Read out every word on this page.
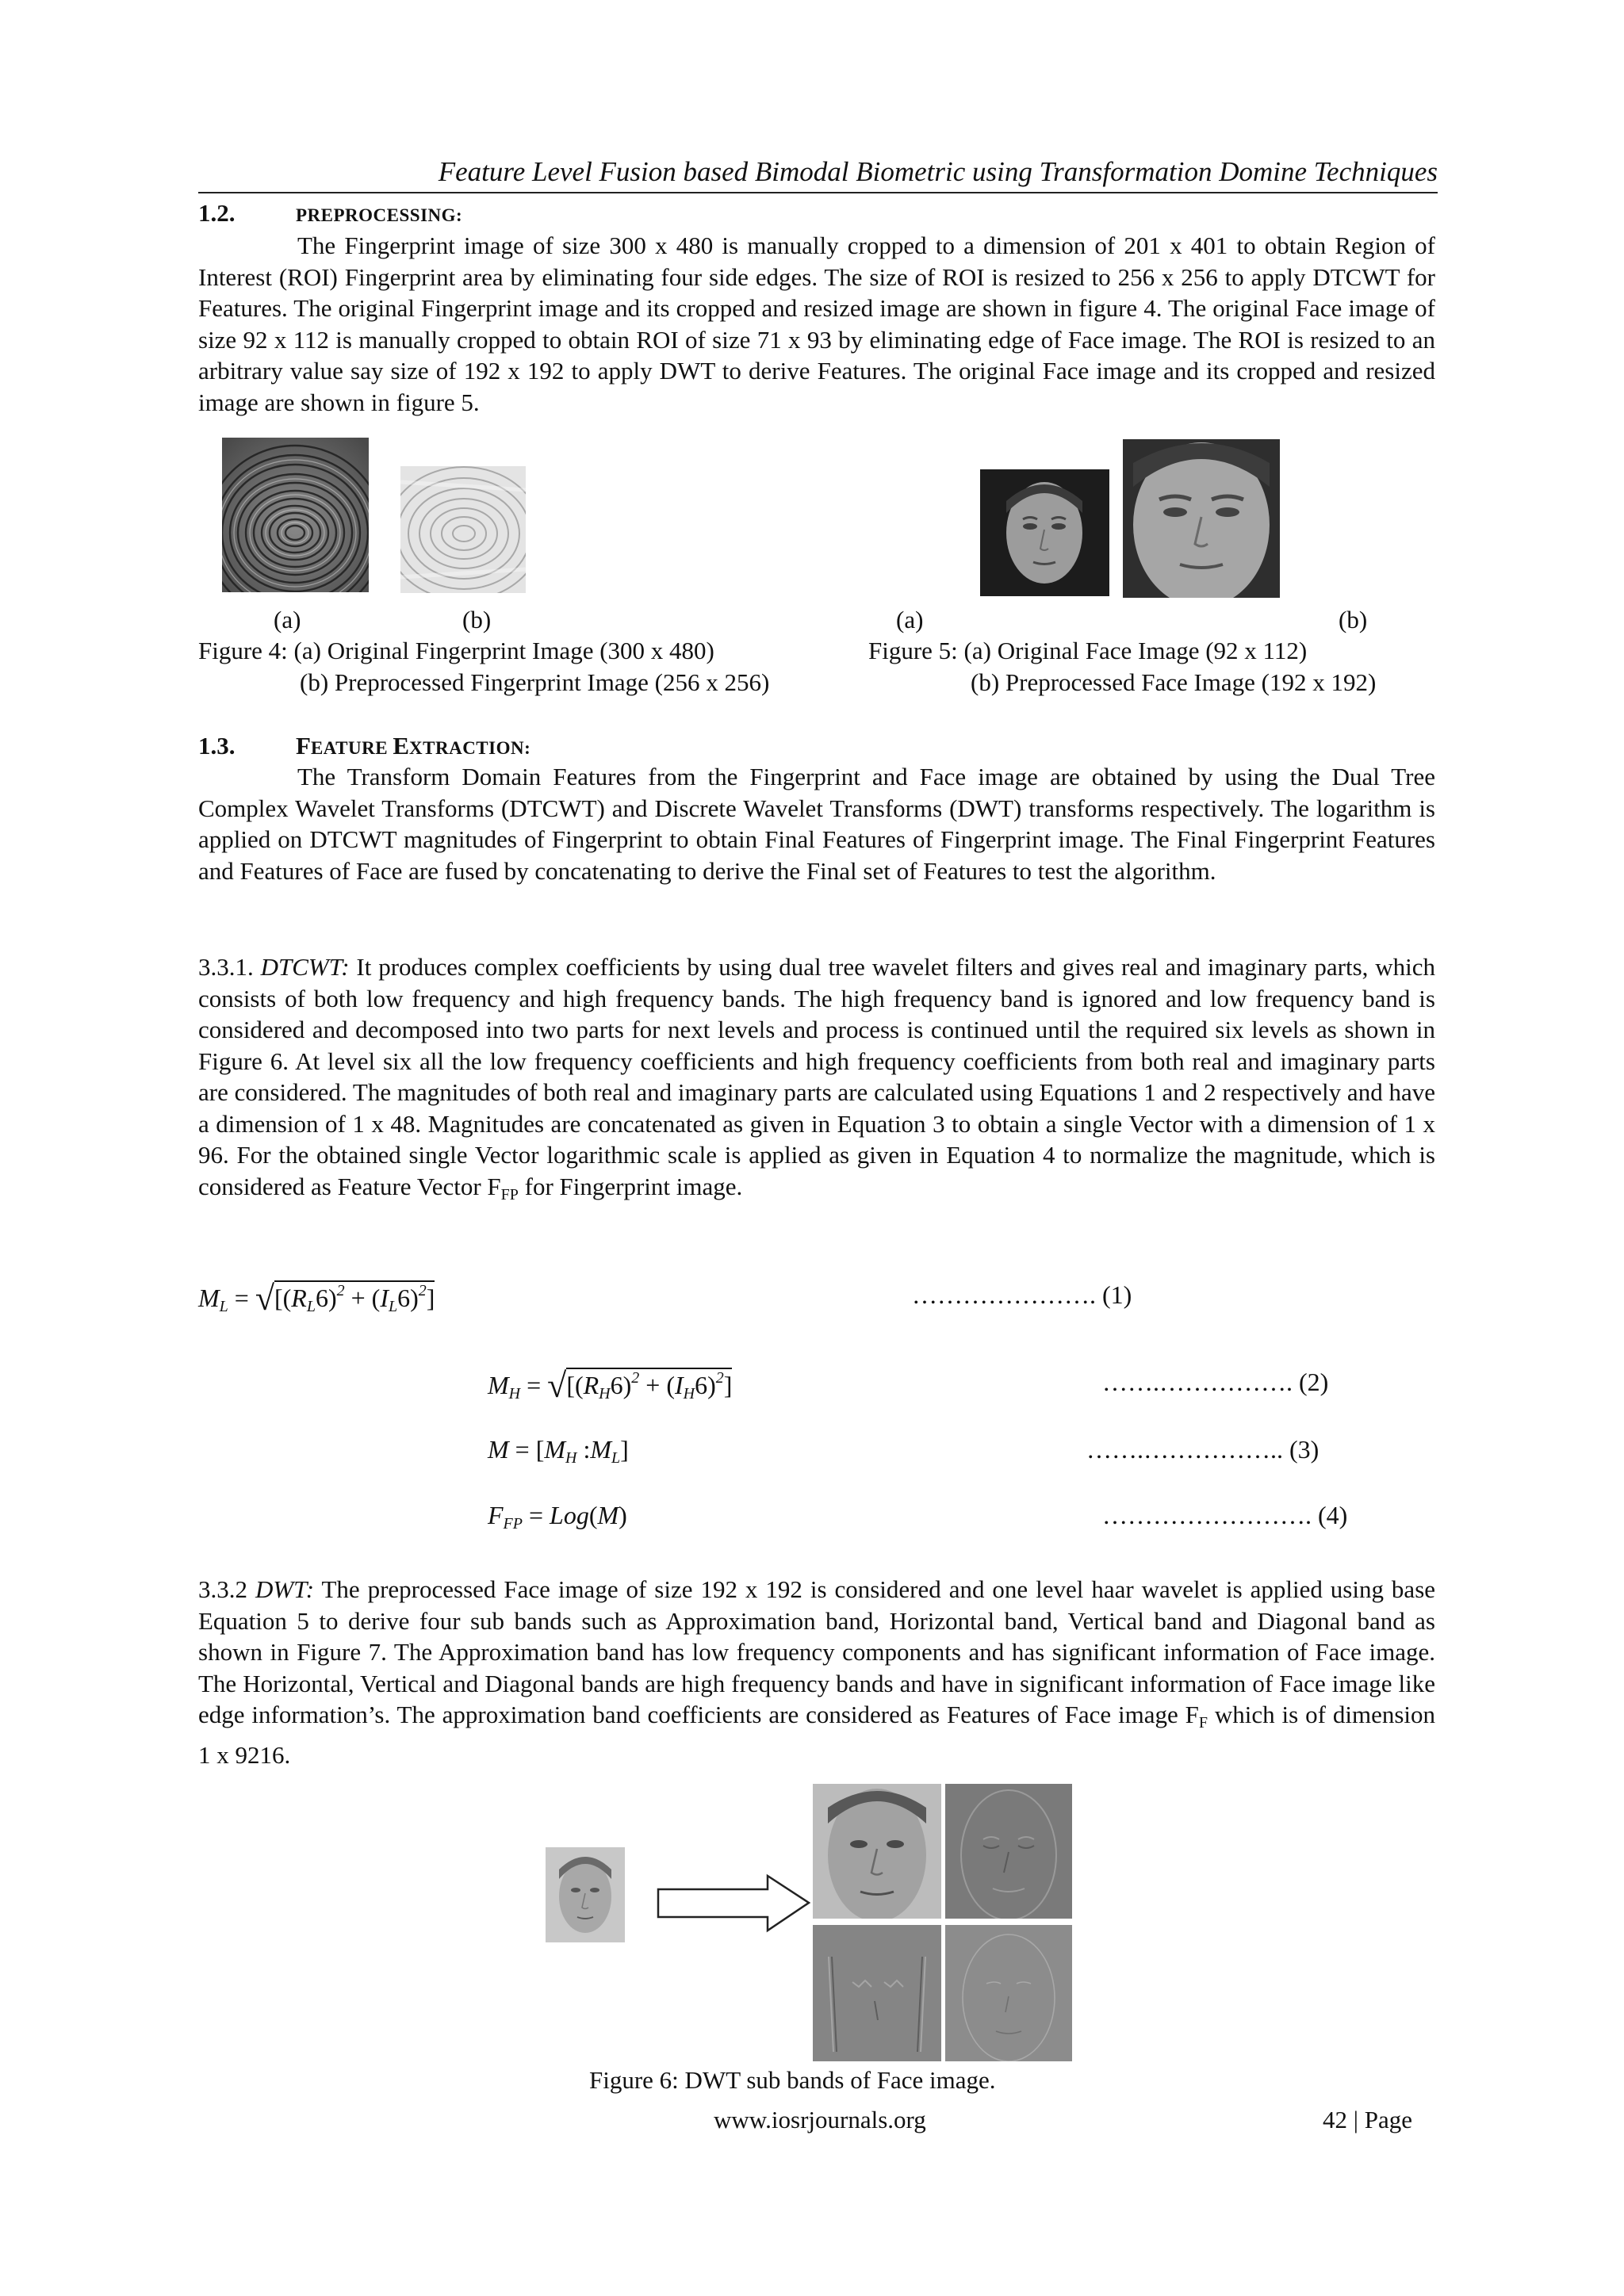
Feature Level Fusion based Bimodal Biometric using Transformation Domine Techniques
1.2.	PREPROCESSING:
The Fingerprint image of size 300 x 480 is manually cropped to a dimension of 201 x 401 to obtain Region of Interest (ROI) Fingerprint area by eliminating four side edges. The size of ROI is resized to 256 x 256 to apply DTCWT for Features. The original Fingerprint image and its cropped and resized image are shown in figure 4. The original Face image of size 92 x 112 is manually cropped to obtain ROI of size 71 x 93 by eliminating edge of Face image. The ROI is resized to an arbitrary value say size of 192 x 192 to apply DWT to derive Features. The original Face image and its cropped and resized image are shown in figure 5.
(a)	(b)	(a)	(b)
Figure 4: (a) Original Fingerprint Image (300 x 480)
(b) Preprocessed Fingerprint Image (256 x 256)
Figure 5: (a) Original Face Image (92 x 112)
(b) Preprocessed Face Image (192 x 192)
1.3. FEATURE EXTRACTION:
The Transform Domain Features from the Fingerprint and Face image are obtained by using the Dual Tree Complex Wavelet Transforms (DTCWT) and Discrete Wavelet Transforms (DWT) transforms respectively. The logarithm is applied on DTCWT magnitudes of Fingerprint to obtain Final Features of Fingerprint image. The Final Fingerprint Features and Features of Face are fused by concatenating to derive the Final set of Features to test the algorithm.
3.3.1. DTCWT: It produces complex coefficients by using dual tree wavelet filters and gives real and imaginary parts, which consists of both low frequency and high frequency bands. The high frequency band is ignored and low frequency band is considered and decomposed into two parts for next levels and process is continued until the required six levels as shown in Figure 6. At level six all the low frequency coefficients and high frequency coefficients from both real and imaginary parts are considered. The magnitudes of both real and imaginary parts are calculated using Equations 1 and 2 respectively and have a dimension of 1 x 48. Magnitudes are concatenated as given in Equation 3 to obtain a single Vector with a dimension of 1 x 96. For the obtained single Vector logarithmic scale is applied as given in Equation 4 to normalize the magnitude, which is considered as Feature Vector $F_{FP}$ for Fingerprint image.
$M_L = √[(R_L6)^2 + (I_L6)^2]$	…………………. (1)
$M_H = √[(R_H6)^2 + (I_H6)^2]$	…….……………. (2)
$M = [M_H$ $:M_L$]	…….…………….. (3)
$F_{FP} = Log(M)$	……………………. (4)
3.3.2 DWT: The preprocessed Face image of size 192 x 192 is considered and one level haar wavelet is applied using base Equation 5 to derive four sub bands such as Approximation band, Horizontal band, Vertical band and Diagonal band as shown in Figure 7. The Approximation band has low frequency components and has significant information of Face image. The Horizontal, Vertical and Diagonal bands are high frequency bands and have in significant information of Face image like edge information’s. The approximation band coefficients are considered as Features of Face image $F_F$ which is of dimension 1 x 9216.
Figure 6: DWT sub bands of Face image.
www.iosrjournals.org	42 | Page
